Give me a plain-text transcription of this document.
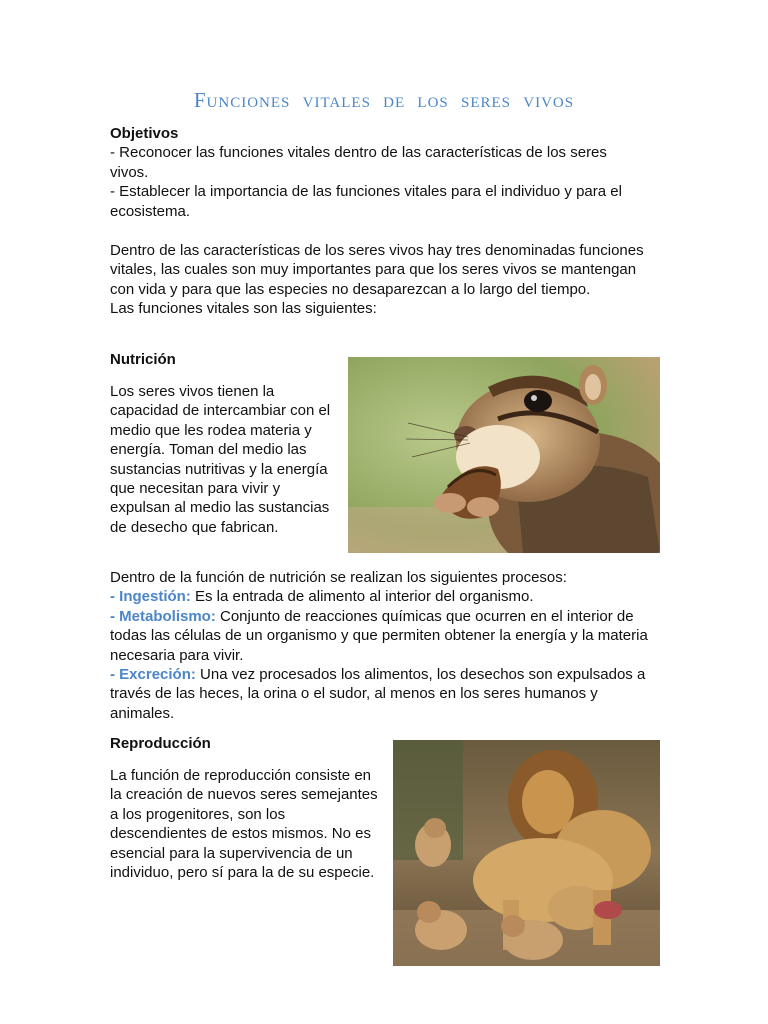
Funciones vitales de los seres vivos
Objetivos
- Reconocer las funciones vitales dentro de las características de los seres vivos.
- Establecer la importancia de las funciones vitales para el individuo y para el ecosistema.
Dentro de las características de los seres vivos hay tres denominadas funciones vitales, las cuales son muy importantes para que los seres vivos se mantengan con vida y para que las especies no desaparezcan a lo largo del tiempo.
Las funciones vitales son las siguientes:
Nutrición
Los seres vivos tienen la capacidad de intercambiar con el medio que les rodea materia y energía. Toman del medio las sustancias nutritivas y la energía que necesitan para vivir y expulsan al medio las sustancias de desecho que fabrican.
Dentro de la función de nutrición se realizan los siguientes procesos:
- Ingestión: Es la entrada de alimento al interior del organismo.
- Metabolismo: Conjunto de reacciones químicas que ocurren en el interior de todas las células de un organismo y que permiten obtener la energía y la materia necesaria para vivir.
- Excreción: Una vez procesados los alimentos, los desechos son expulsados a través de las heces, la orina o el sudor, al menos en los seres humanos y animales.
Reproducción
La función de reproducción consiste en la creación de nuevos seres semejantes a los progenitores, son los descendientes de estos mismos. No es esencial para la supervivencia de un individuo, pero sí para la de su especie.
